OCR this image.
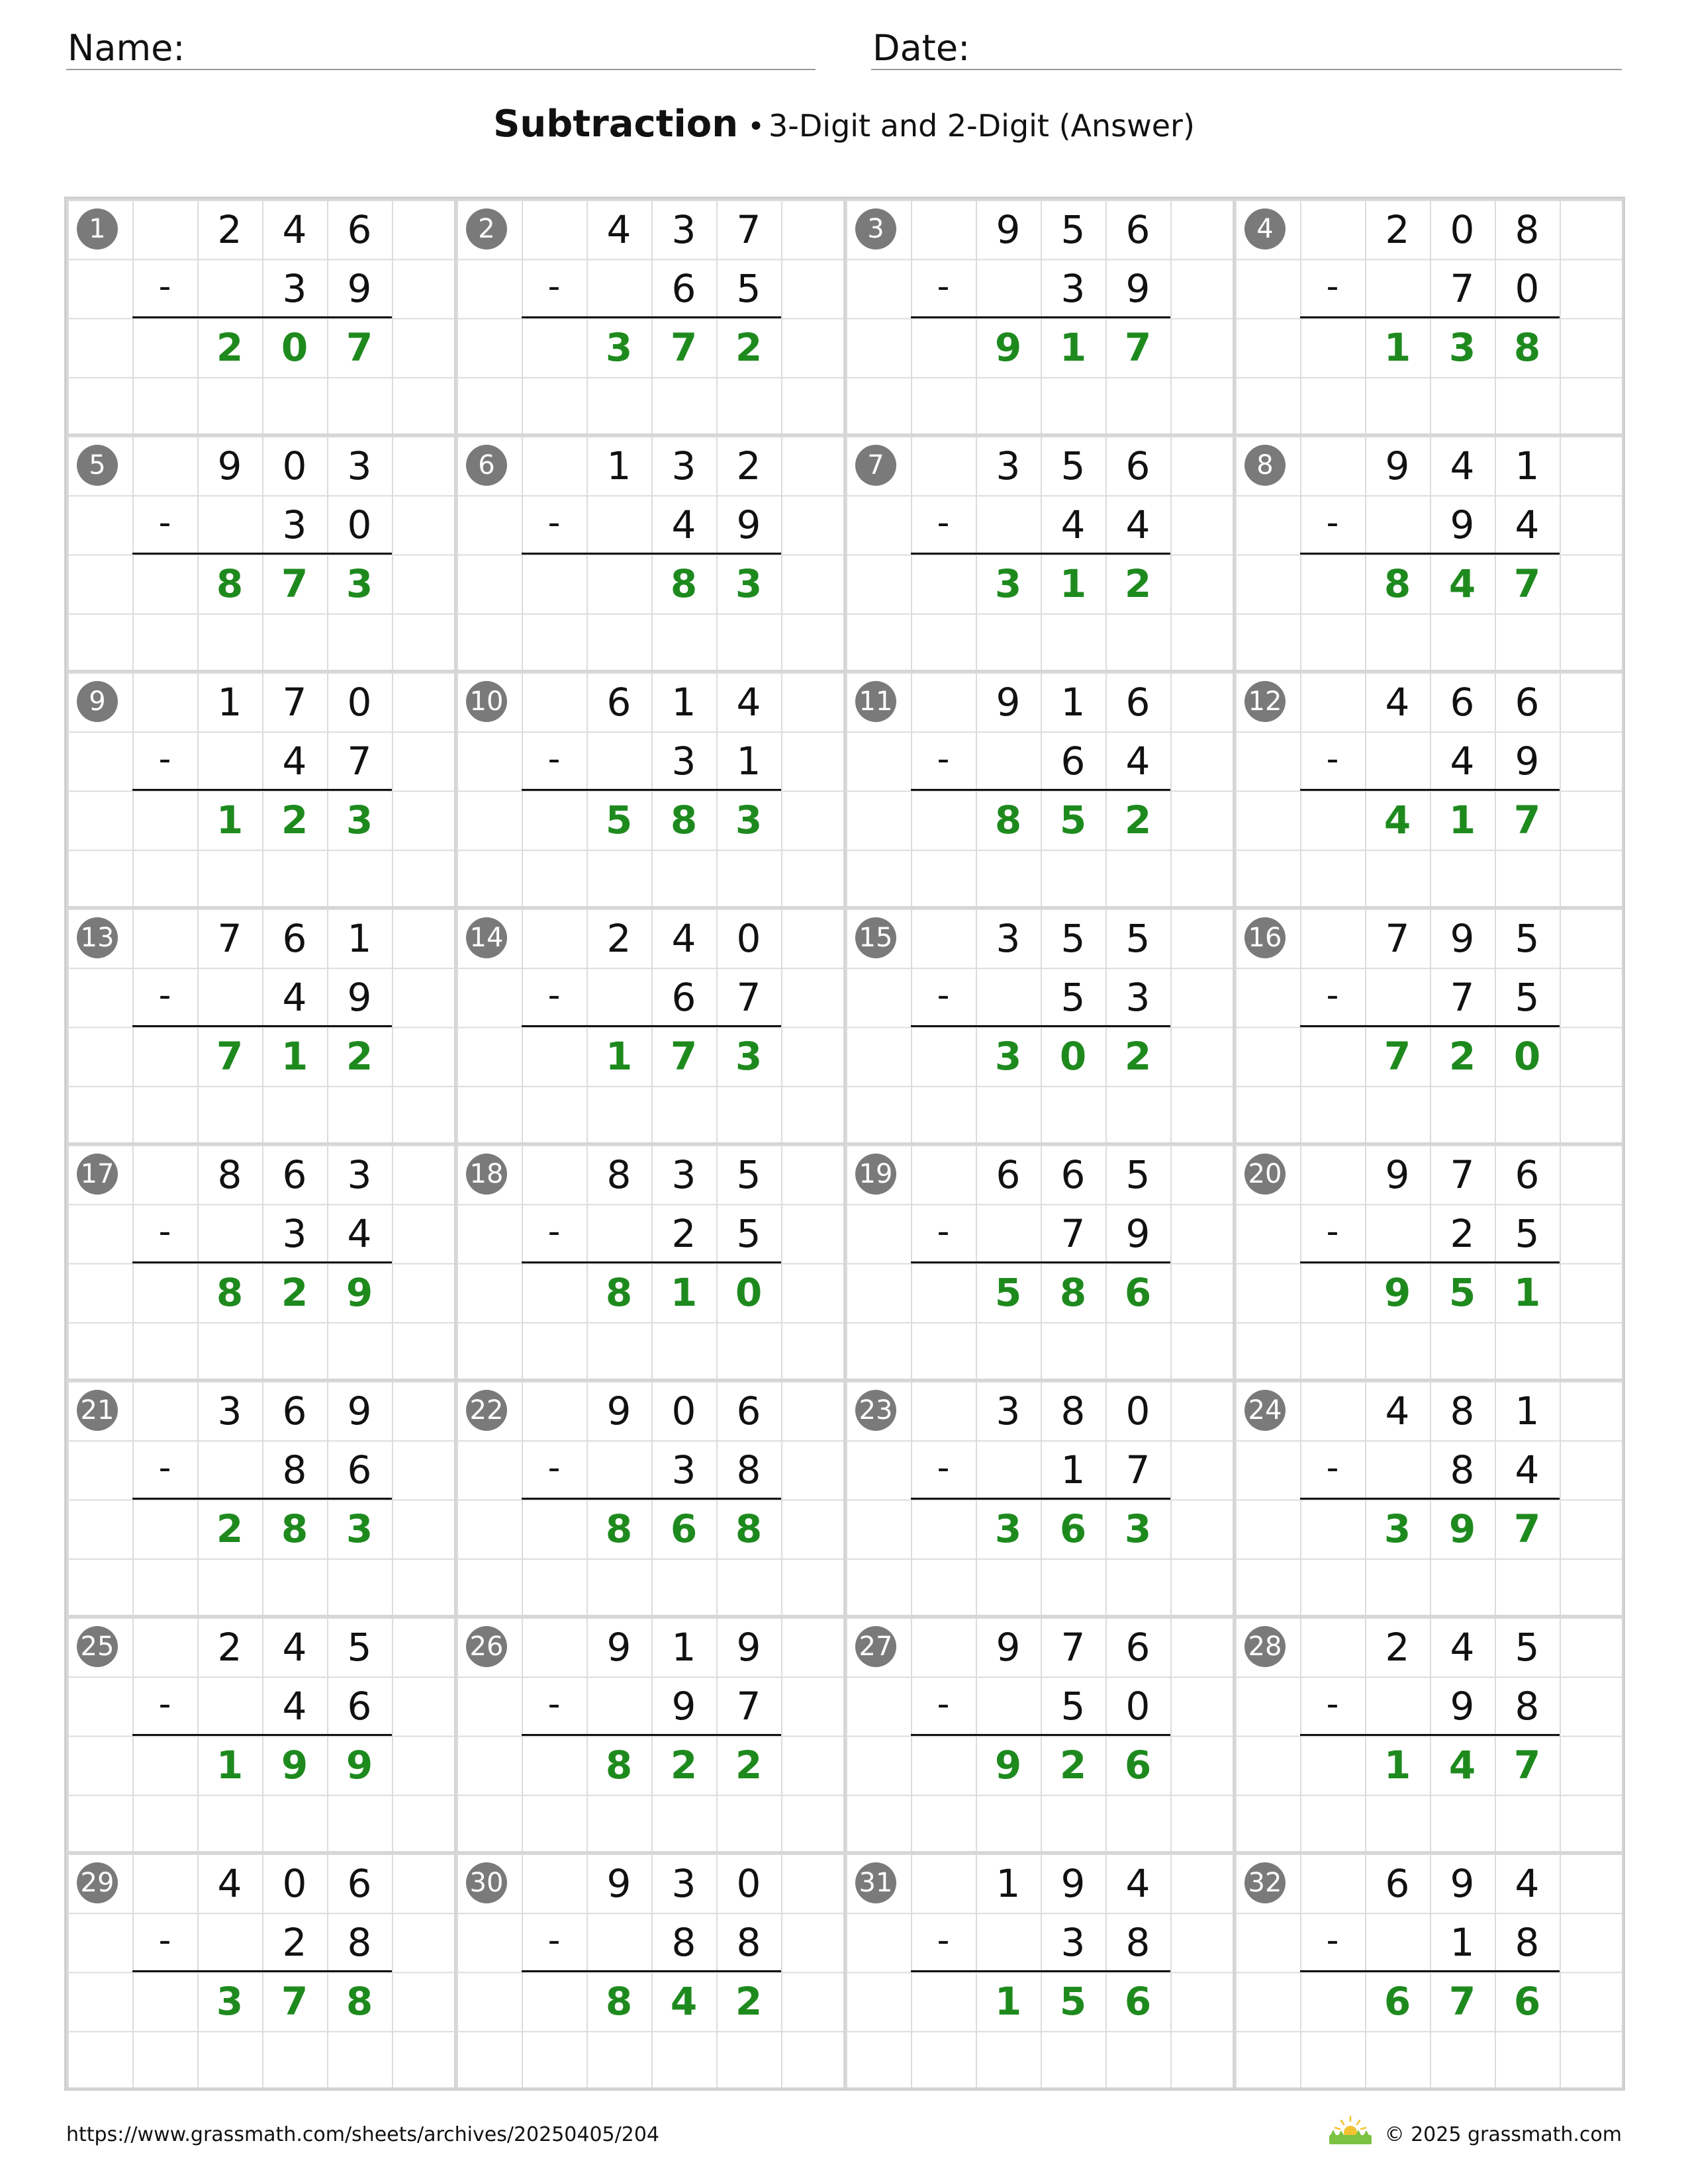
Name:	Date:
Subtraction • 3-Digit and 2-Digit (Answer)
1	2	4	6
3	9
2 0 7
-
2	4	3	7
6	5
3 7 2
-
3	9	5	6
3	9
9 1 7
-
4	2	0	8
7	0
1 3 8
-
5	9	0	3
3	0
8 7 3
-
6	1	3	2
4	9
8 3
-
7	3	5	6
4	4
3 1 2
-
8	9	4	1
9	4
8 4 7
-
9	1	7	0
4	7
1 2 3
-
10	6	1	4
3	1
5 8 3
-
11	9	1	6
6	4
8 5 2
-
12	4	6	6
4	9
4 1 7
-
13	7	6	1
4	9
7 1 2
-
14	2	4	0
6	7
1 7 3
-
15	3	5	5
5	3
3 0 2
-
16	7	9	5
7	5
7 2 0
-
17	8	6	3
3	4
8 2 9
-
18	8	3	5
2	5
8 1 0
-
19	6	6	5
7	9
5 8 6
-
20	9	7	6
2	5
9 5 1
-
21	3	6	9
8	6
2 8 3
-
22	9	0	6
3	8
8 6 8
-
23	3	8	0
1	7
3 6 3
-
24	4	8	1
8	4
3 9 7
-
25	2	4	5
4	6
1 9 9
-
26	9	1	9
9	7
8 2 2
-
27	9	7	6
5	0
9 2 6
-
28	2	4	5
9	8
1 4 7
-
29	4	0	6
2	8
3 7 8
-
30	9	3	0
8	8
8 4 2
-
31	1	9	4
3	8
1 5 6
-
32	6	9	4
1	8
6 7 6
-
https://www.grassmath.com/sheets/archives/20250405/204	© 2025 grassmath.com
